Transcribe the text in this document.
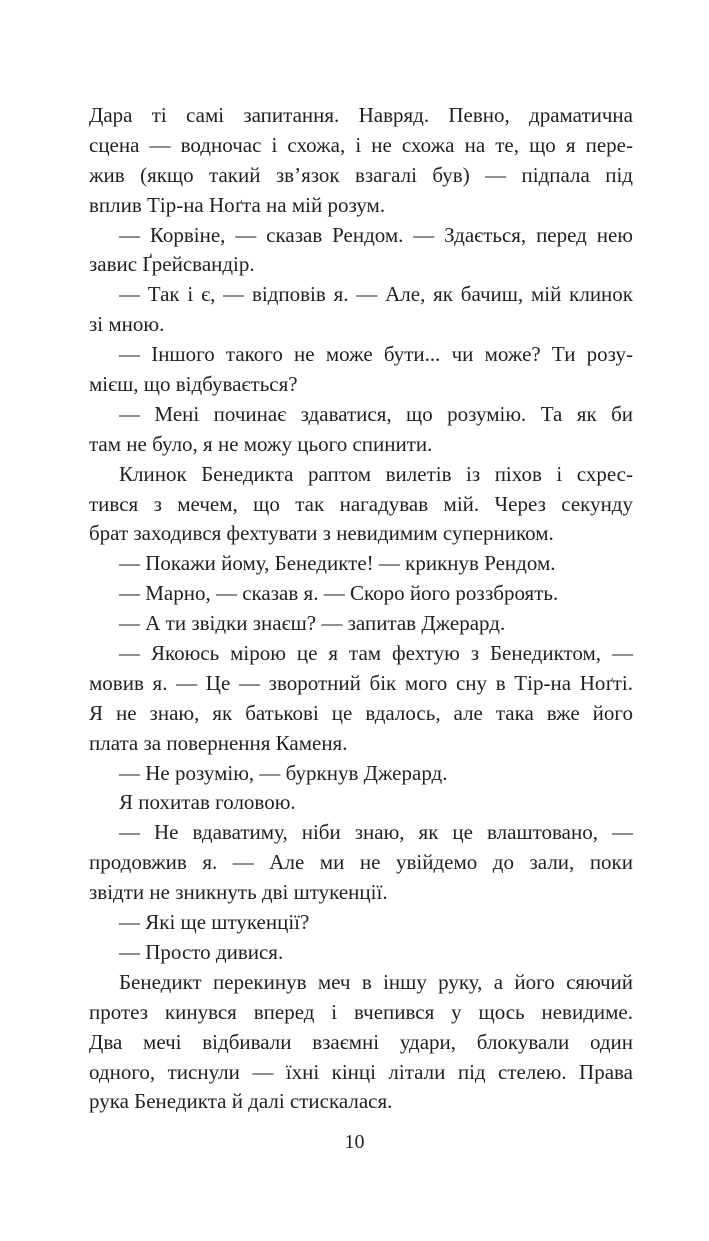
Дара ті самі запитання. Навряд. Певно, драматична
сцена — водночас і схожа, і не схожа на те, що я пере-
жив (якщо такий зв’язок взагалі був) — підпала під
вплив Тір-на Ноґта на мій розум.
— Корвіне, — сказав Рендом. — Здається, перед нею
завис Ґрейсвандір.
— Так і є, — відповів я. — Але, як бачиш, мій клинок
зі мною.
— Іншого такого не може бути... чи може? Ти розу-
мієш, що відбувається?
— Мені починає здаватися, що розумію. Та як би
там не було, я не можу цього спинити.
Клинок Бенедикта раптом вилетів із піхов і схрес-
тився з мечем, що так нагадував мій. Через секунду
брат заходився фехтувати з невидимим суперником.
— Покажи йому, Бенедикте! — крикнув Рендом.
— Марно, — сказав я. — Скоро його роззброять.
— А ти звідки знаєш? — запитав Джерард.
— Якоюсь мірою це я там фехтую з Бенедиктом, —
мовив я. — Це — зворотний бік мого сну в Тір-на Ноґті.
Я не знаю, як батькові це вдалось, але така вже його
плата за повернення Каменя.
— Не розумію, — буркнув Джерард.
Я похитав головою.
— Не вдаватиму, ніби знаю, як це влаштовано, —
продовжив я. — Але ми не увійдемо до зали, поки
звідти не зникнуть дві штукенції.
— Які ще штукенції?
— Просто дивися.
Бенедикт перекинув меч в іншу руку, а його сяючий
протез кинувся вперед і вчепився у щось невидиме.
Два мечі відбивали взаємні удари, блокували один
одного, тиснули — їхні кінці літали під стелею. Права
рука Бенедикта й далі стискалася.
10
